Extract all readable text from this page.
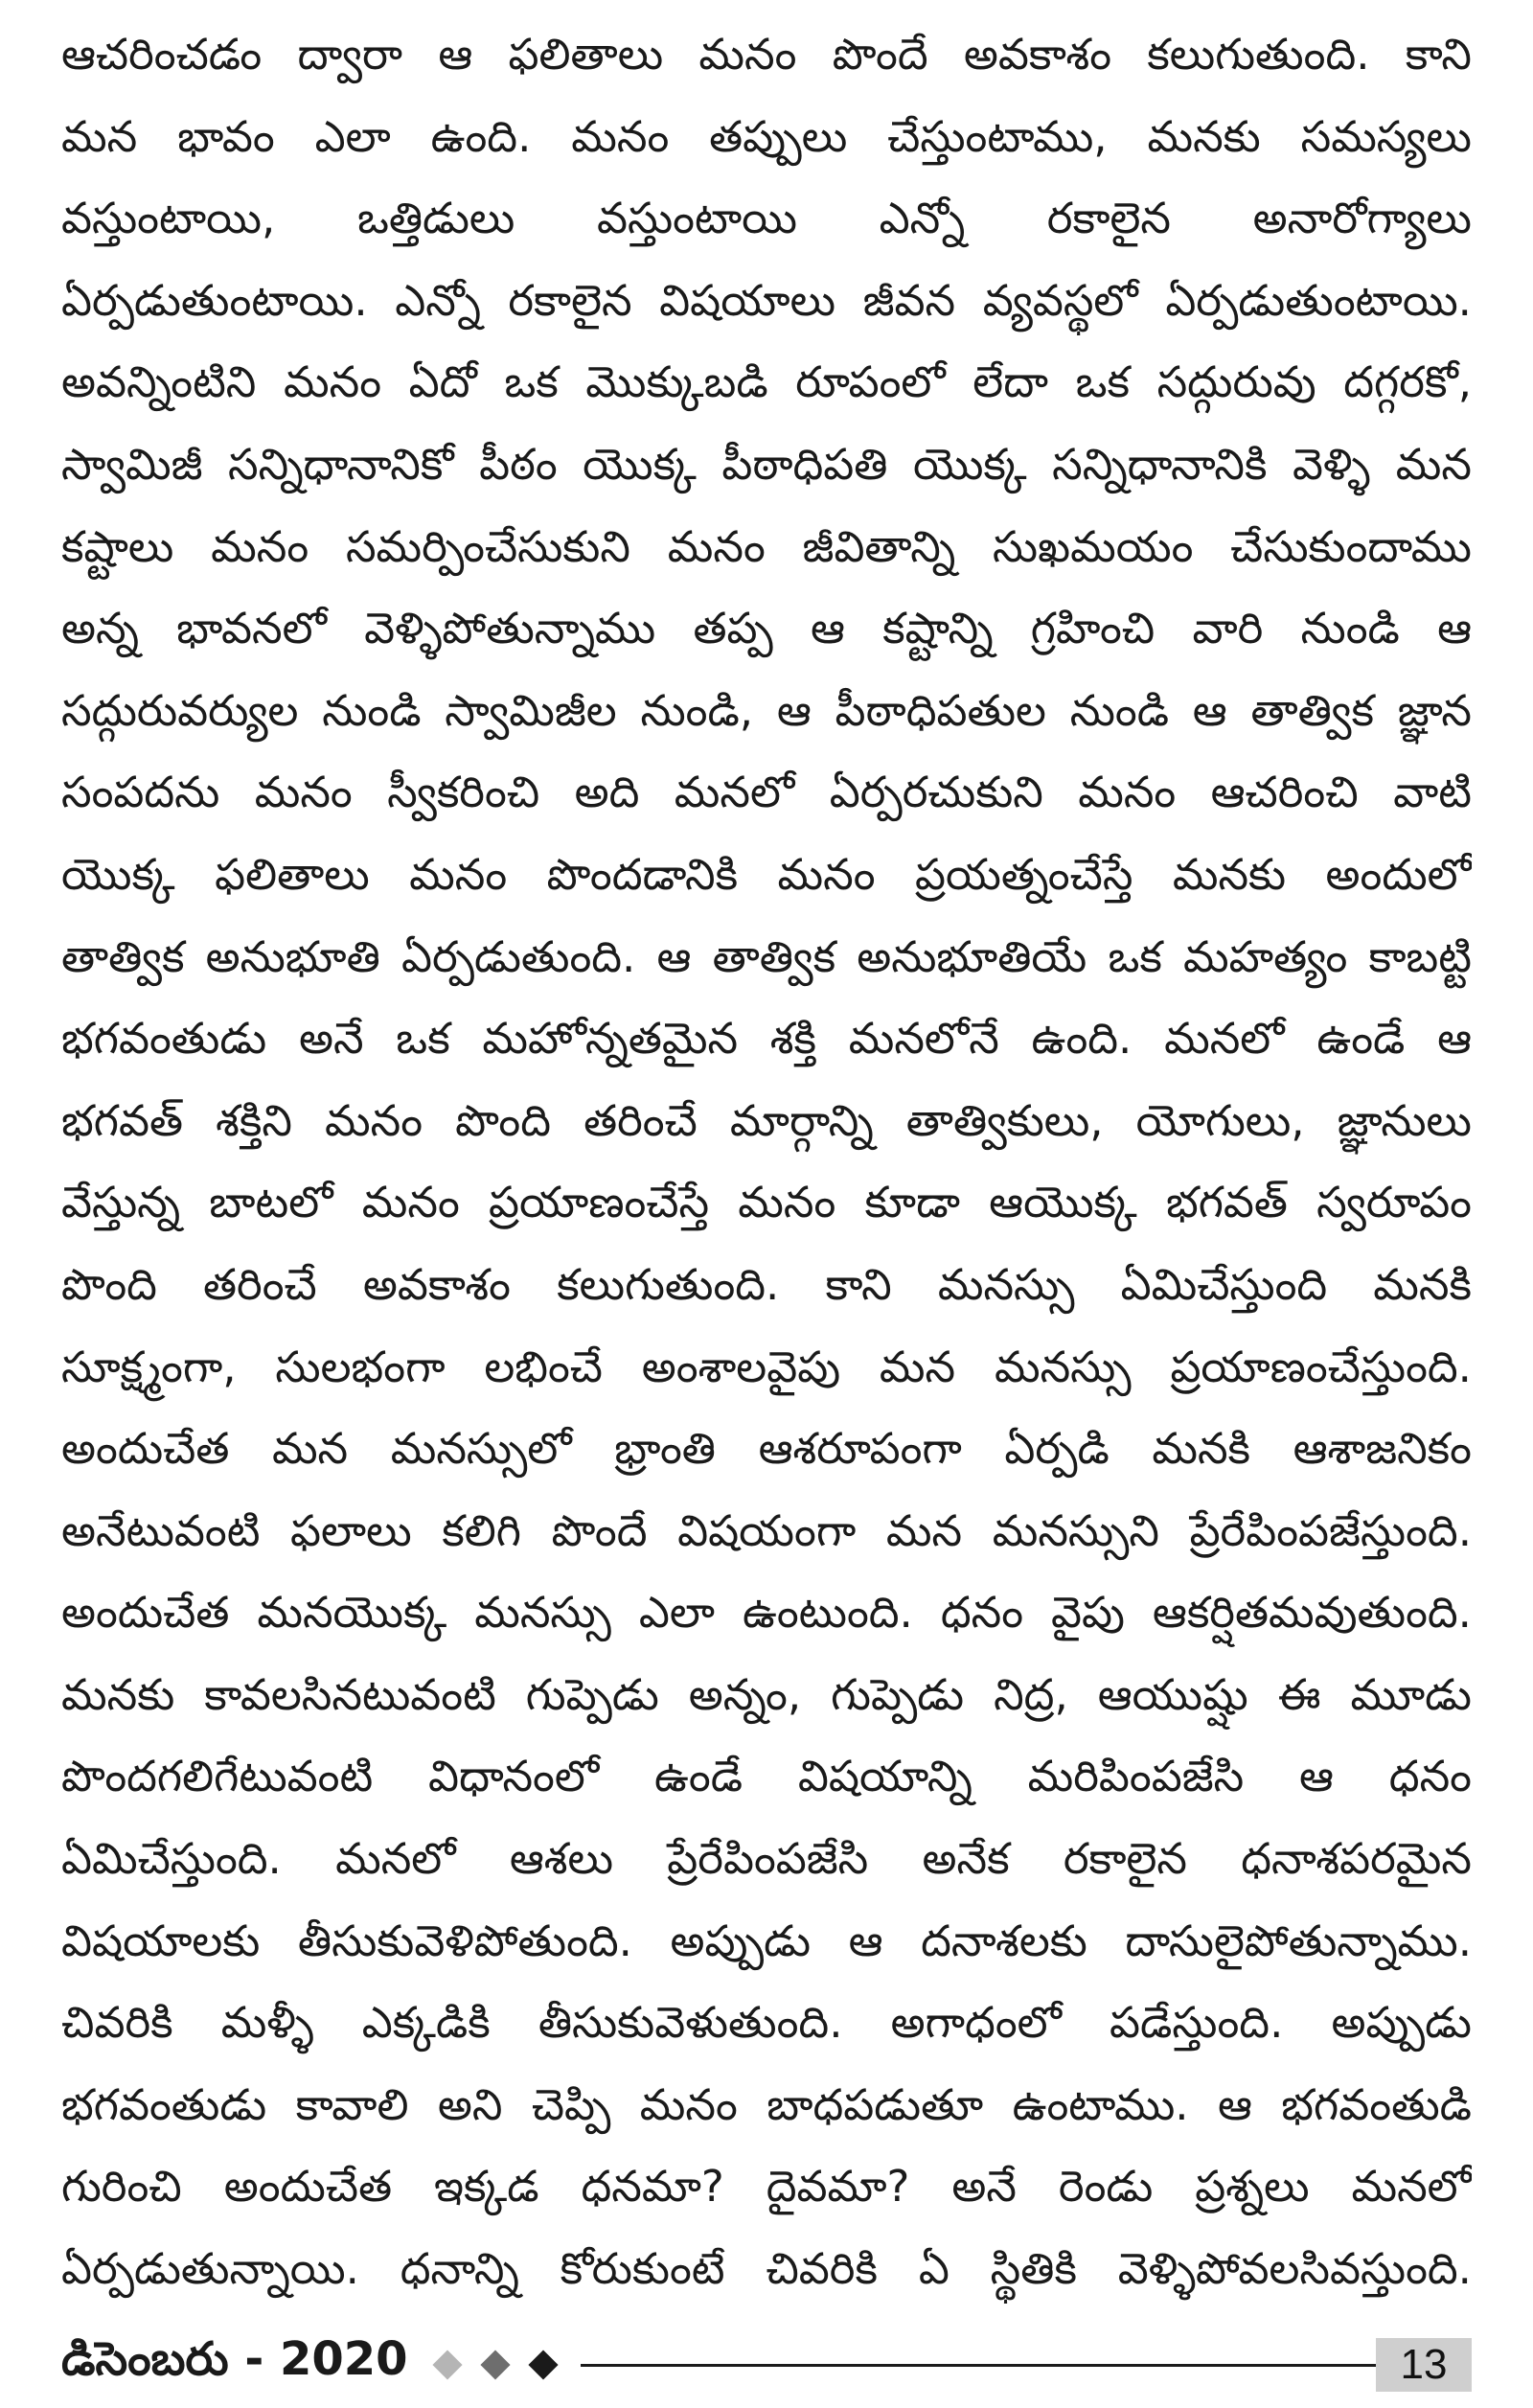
ఆచరించడం ద్వారా ఆ ఫలితాలు మనం పొందే అవకాశం కలుగుతుంది. కాని
మన భావం ఎలా ఉంది. మనం తప్పులు చేస్తుంటాము, మనకు సమస్యలు
వస్తుంటాయి, ఒత్తిడులు వస్తుంటాయి ఎన్నో రకాలైన అనారోగ్యాలు
ఏర్పడుతుంటాయి. ఎన్నో రకాలైన విషయాలు జీవన వ్యవస్థలో ఏర్పడుతుంటాయి.
అవన్నింటిని మనం ఏదో ఒక మొక్కుబడి రూపంలో లేదా ఒక సద్గురువు దగ్గరకో,
స్వామిజీ సన్నిధానానికో పీఠం యొక్క పీఠాధిపతి యొక్క సన్నిధానానికి వెళ్ళి మన
కష్టాలు మనం సమర్పించేసుకుని మనం జీవితాన్ని సుఖమయం చేసుకుందాము
అన్న భావనలో వెళ్ళిపోతున్నాము తప్ప ఆ కష్టాన్ని గ్రహించి వారి నుండి ఆ
సద్గురువర్యుల నుండి స్వామిజీల నుండి, ఆ పీఠాధిపతుల నుండి ఆ తాత్విక జ్ఞాన
సంపదను మనం స్వీకరించి అది మనలో ఏర్పరచుకుని మనం ఆచరించి వాటి
యొక్క ఫలితాలు మనం పొందడానికి మనం ప్రయత్నంచేస్తే మనకు అందులో
తాత్విక అనుభూతి ఏర్పడుతుంది. ఆ తాత్విక అనుభూతియే ఒక మహత్యం కాబట్టి
భగవంతుడు అనే ఒక మహోన్నతమైన శక్తి మనలోనే ఉంది. మనలో ఉండే ఆ
భగవత్ శక్తిని మనం పొంది తరించే మార్గాన్ని తాత్వికులు, యోగులు, జ్ఞానులు
వేస్తున్న బాటలో మనం ప్రయాణంచేస్తే మనం కూడా ఆయొక్క భగవత్ స్వరూపం
పొంది తరించే అవకాశం కలుగుతుంది. కాని మనస్సు ఏమిచేస్తుంది మనకి
సూక్ష్మంగా, సులభంగా లభించే అంశాలవైపు మన మనస్సు ప్రయాణంచేస్తుంది.
అందుచేత మన మనస్సులో భ్రాంతి ఆశరూపంగా ఏర్పడి మనకి ఆశాజనికం
అనేటువంటి ఫలాలు కలిగి పొందే విషయంగా మన మనస్సుని ప్రేరేపింపజేస్తుంది.
అందుచేత మనయొక్క మనస్సు ఎలా ఉంటుంది. ధనం వైపు ఆకర్షితమవుతుంది.
మనకు కావలసినటువంటి గుప్పెడు అన్నం, గుప్పెడు నిద్ర, ఆయుష్షు ఈ మూడు
పొందగలిగేటువంటి విధానంలో ఉండే విషయాన్ని మరిపింపజేసి ఆ ధనం
ఏమిచేస్తుంది. మనలో ఆశలు ప్రేరేపింపజేసి అనేక రకాలైన ధనాశపరమైన
విషయాలకు తీసుకువెళిపోతుంది. అప్పుడు ఆ దనాశలకు దాసులైపోతున్నాము.
చివరికి మళ్ళీ ఎక్కడికి తీసుకువెళుతుంది. అగాధంలో పడేస్తుంది. అప్పుడు
భగవంతుడు కావాలి అని చెప్పి మనం బాధపడుతూ ఉంటాము. ఆ భగవంతుడి
గురించి అందుచేత ఇక్కడ ధనమా? దైవమా? అనే రెండు ప్రశ్నలు మనలో
ఏర్పడుతున్నాయి. ధనాన్ని కోరుకుంటే చివరికి ఏ స్థితికి వెళ్ళిపోవలసివస్తుంది.
డిసెంబరు - 2020	13
